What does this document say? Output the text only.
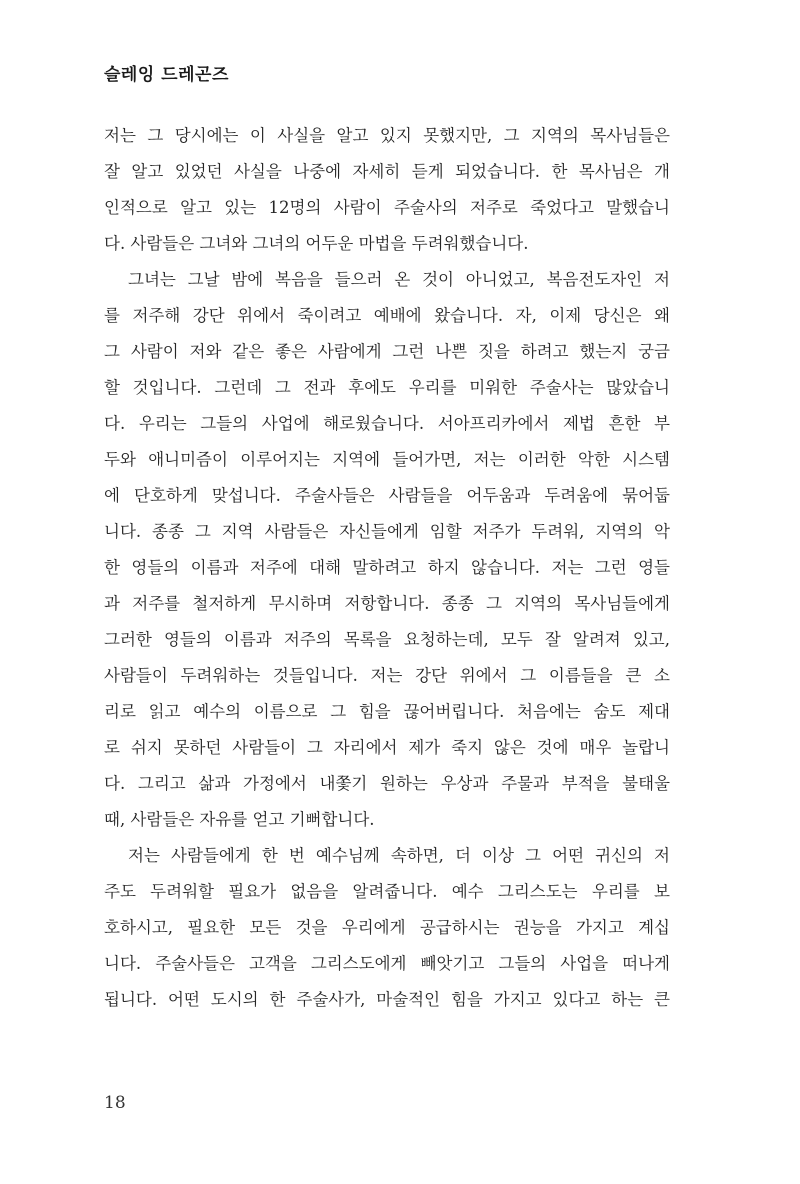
슬레잉 드레곤즈
저는 그 당시에는 이 사실을 알고 있지 못했지만, 그 지역의 목사님들은
잘 알고 있었던 사실을 나중에 자세히 듣게 되었습니다. 한 목사님은 개
인적으로 알고 있는 12명의 사람이 주술사의 저주로 죽었다고 말했습니
다. 사람들은 그녀와 그녀의 어두운 마법을 두려워했습니다.
그녀는 그날 밤에 복음을 들으러 온 것이 아니었고, 복음전도자인 저
를 저주해 강단 위에서 죽이려고 예배에 왔습니다. 자, 이제 당신은 왜
그 사람이 저와 같은 좋은 사람에게 그런 나쁜 짓을 하려고 했는지 궁금
할 것입니다. 그런데 그 전과 후에도 우리를 미워한 주술사는 많았습니
다. 우리는 그들의 사업에 해로웠습니다. 서아프리카에서 제법 흔한 부
두와 애니미즘이 이루어지는 지역에 들어가면, 저는 이러한 악한 시스템
에 단호하게 맞섭니다. 주술사들은 사람들을 어두움과 두려움에 묶어둡
니다. 종종 그 지역 사람들은 자신들에게 임할 저주가 두려워, 지역의 악
한 영들의 이름과 저주에 대해 말하려고 하지 않습니다. 저는 그런 영들
과 저주를 철저하게 무시하며 저항합니다. 종종 그 지역의 목사님들에게
그러한 영들의 이름과 저주의 목록을 요청하는데, 모두 잘 알려져 있고,
사람들이 두려워하는 것들입니다. 저는 강단 위에서 그 이름들을 큰 소
리로 읽고 예수의 이름으로 그 힘을 끊어버립니다. 처음에는 숨도 제대
로 쉬지 못하던 사람들이 그 자리에서 제가 죽지 않은 것에 매우 놀랍니
다. 그리고 삶과 가정에서 내쫓기 원하는 우상과 주물과 부적을 불태울
때, 사람들은 자유를 얻고 기뻐합니다.
저는 사람들에게 한 번 예수님께 속하면, 더 이상 그 어떤 귀신의 저
주도 두려워할 필요가 없음을 알려줍니다. 예수 그리스도는 우리를 보
호하시고, 필요한 모든 것을 우리에게 공급하시는 권능을 가지고 계십
니다. 주술사들은 고객을 그리스도에게 빼앗기고 그들의 사업을 떠나게
됩니다. 어떤 도시의 한 주술사가, 마술적인 힘을 가지고 있다고 하는 큰
18
